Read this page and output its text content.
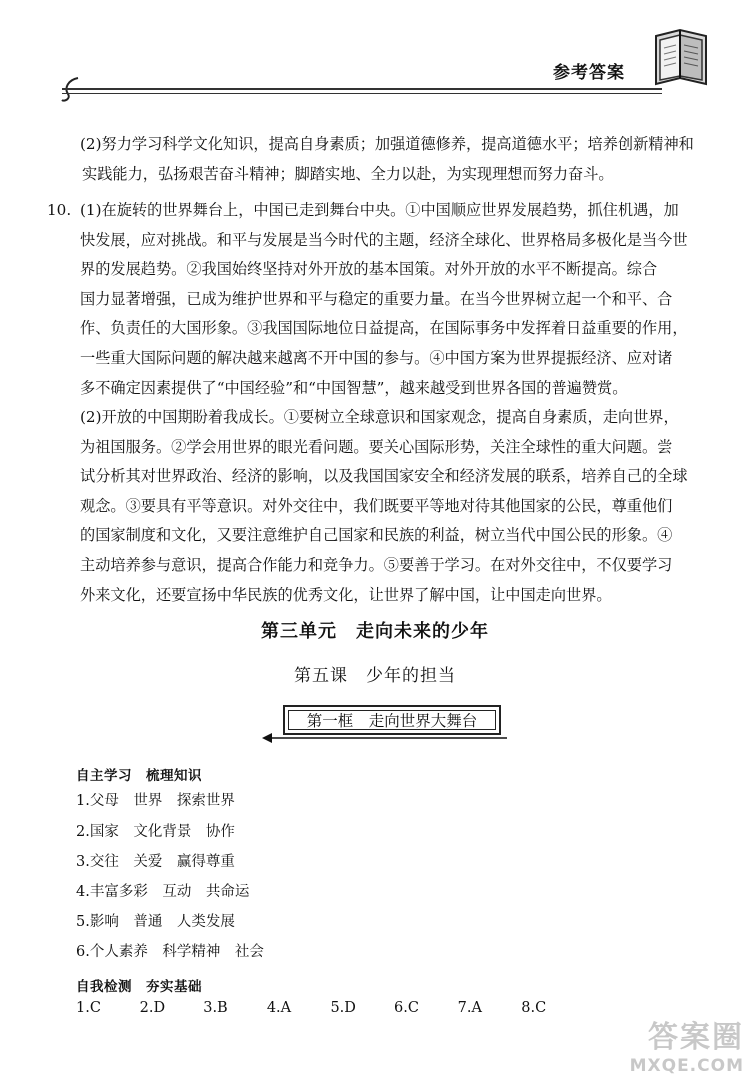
参考答案
(2)努力学习科学文化知识，提高自身素质；加强道德修养，提高道德水平；培养创新精神和
实践能力，弘扬艰苦奋斗精神；脚踏实地、全力以赴，为实现理想而努力奋斗。
10. (1)在旋转的世界舞台上，中国已走到舞台中央。①中国顺应世界发展趋势，抓住机遇，加
快发展，应对挑战。和平与发展是当今时代的主题，经济全球化、世界格局多极化是当今世
界的发展趋势。②我国始终坚持对外开放的基本国策。对外开放的水平不断提高。综合
国力显著增强，已成为维护世界和平与稳定的重要力量。在当今世界树立起一个和平、合
作、负责任的大国形象。③我国国际地位日益提高，在国际事务中发挥着日益重要的作用，
一些重大国际问题的解决越来越离不开中国的参与。④中国方案为世界提振经济、应对诸
多不确定因素提供了“中国经验”和“中国智慧”，越来越受到世界各国的普遍赞赏。
(2)开放的中国期盼着我成长。①要树立全球意识和国家观念，提高自身素质，走向世界，
为祖国服务。②学会用世界的眼光看问题。要关心国际形势，关注全球性的重大问题。尝
试分析其对世界政治、经济的影响，以及我国国家安全和经济发展的联系，培养自己的全球
观念。③要具有平等意识。对外交往中，我们既要平等地对待其他国家的公民，尊重他们
的国家制度和文化，又要注意维护自己国家和民族的利益，树立当代中国公民的形象。④
主动培养参与意识，提高合作能力和竞争力。⑤要善于学习。在对外交往中，不仅要学习
外来文化，还要宣扬中华民族的优秀文化，让世界了解中国，让中国走向世界。
第三单元　走向未来的少年
第五课　少年的担当
第一框　走向世界大舞台
自主学习　梳理知识
1.父母　世界　探索世界
2.国家　文化背景　协作
3.交往　关爱　赢得尊重
4.丰富多彩　互动　共命运
5.影响　普通　人类发展
6.个人素养　科学精神　社会
自我检测　夯实基础
1.C	2.D	3.B	4.A	5.D	6.C	7.A	8.C
答案圈
MXQE.COM
